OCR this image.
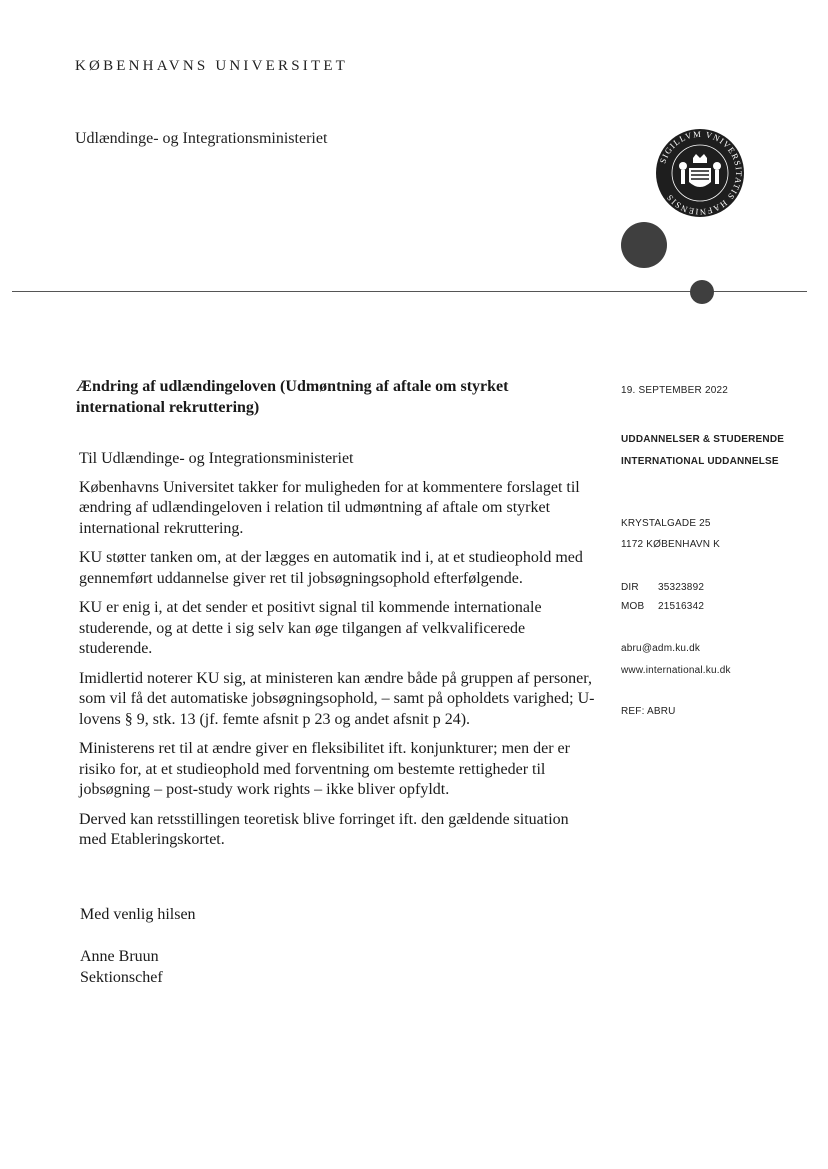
KØBENHAVNS UNIVERSITET
Udlændinge- og Integrationsministeriet
SIGILLVM VNIVERSITATIS HAFNIENSIS
Ændring af udlændingeloven (Udmøntning af aftale om styrket international rekruttering)

Til Udlændinge- og Integrationsministeriet

Københavns Universitet takker for muligheden for at kommentere forslaget til ændring af udlændingeloven i relation til udmøntning af aftale om styrket international rekruttering.

KU støtter tanken om, at der lægges en automatik ind i, at et studieophold med gennemført uddannelse giver ret til jobsøgningsophold efterfølgende.

KU er enig i, at det sender et positivt signal til kommende internationale studerende, og at dette i sig selv kan øge tilgangen af velkvalificerede studerende.

Imidlertid noterer KU sig, at ministeren kan ændre både på gruppen af personer, som vil få det automatiske jobsøgningsophold, – samt på opholdets varighed; U-lovens § 9, stk. 13 (jf. femte afsnit p 23 og andet afsnit p 24).

Ministerens ret til at ændre giver en fleksibilitet ift. konjunkturer; men der er risiko for, at et studieophold med forventning om bestemte rettigheder til jobsøgning – post-study work rights – ikke bliver opfyldt.

Derved kan retsstillingen teoretisk blive forringet ift. den gældende situation med Etableringskortet.

Med venlig hilsen
Anne Bruun
Sektionschef
19. SEPTEMBER 2022
UDDANNELSER & STUDERENDE
INTERNATIONAL UDDANNELSE
KRYSTALGADE 25
1172 KØBENHAVN K
DIR 35323892
MOB 21516342
abru@adm.ku.dk
www.international.ku.dk
REF: ABRU
